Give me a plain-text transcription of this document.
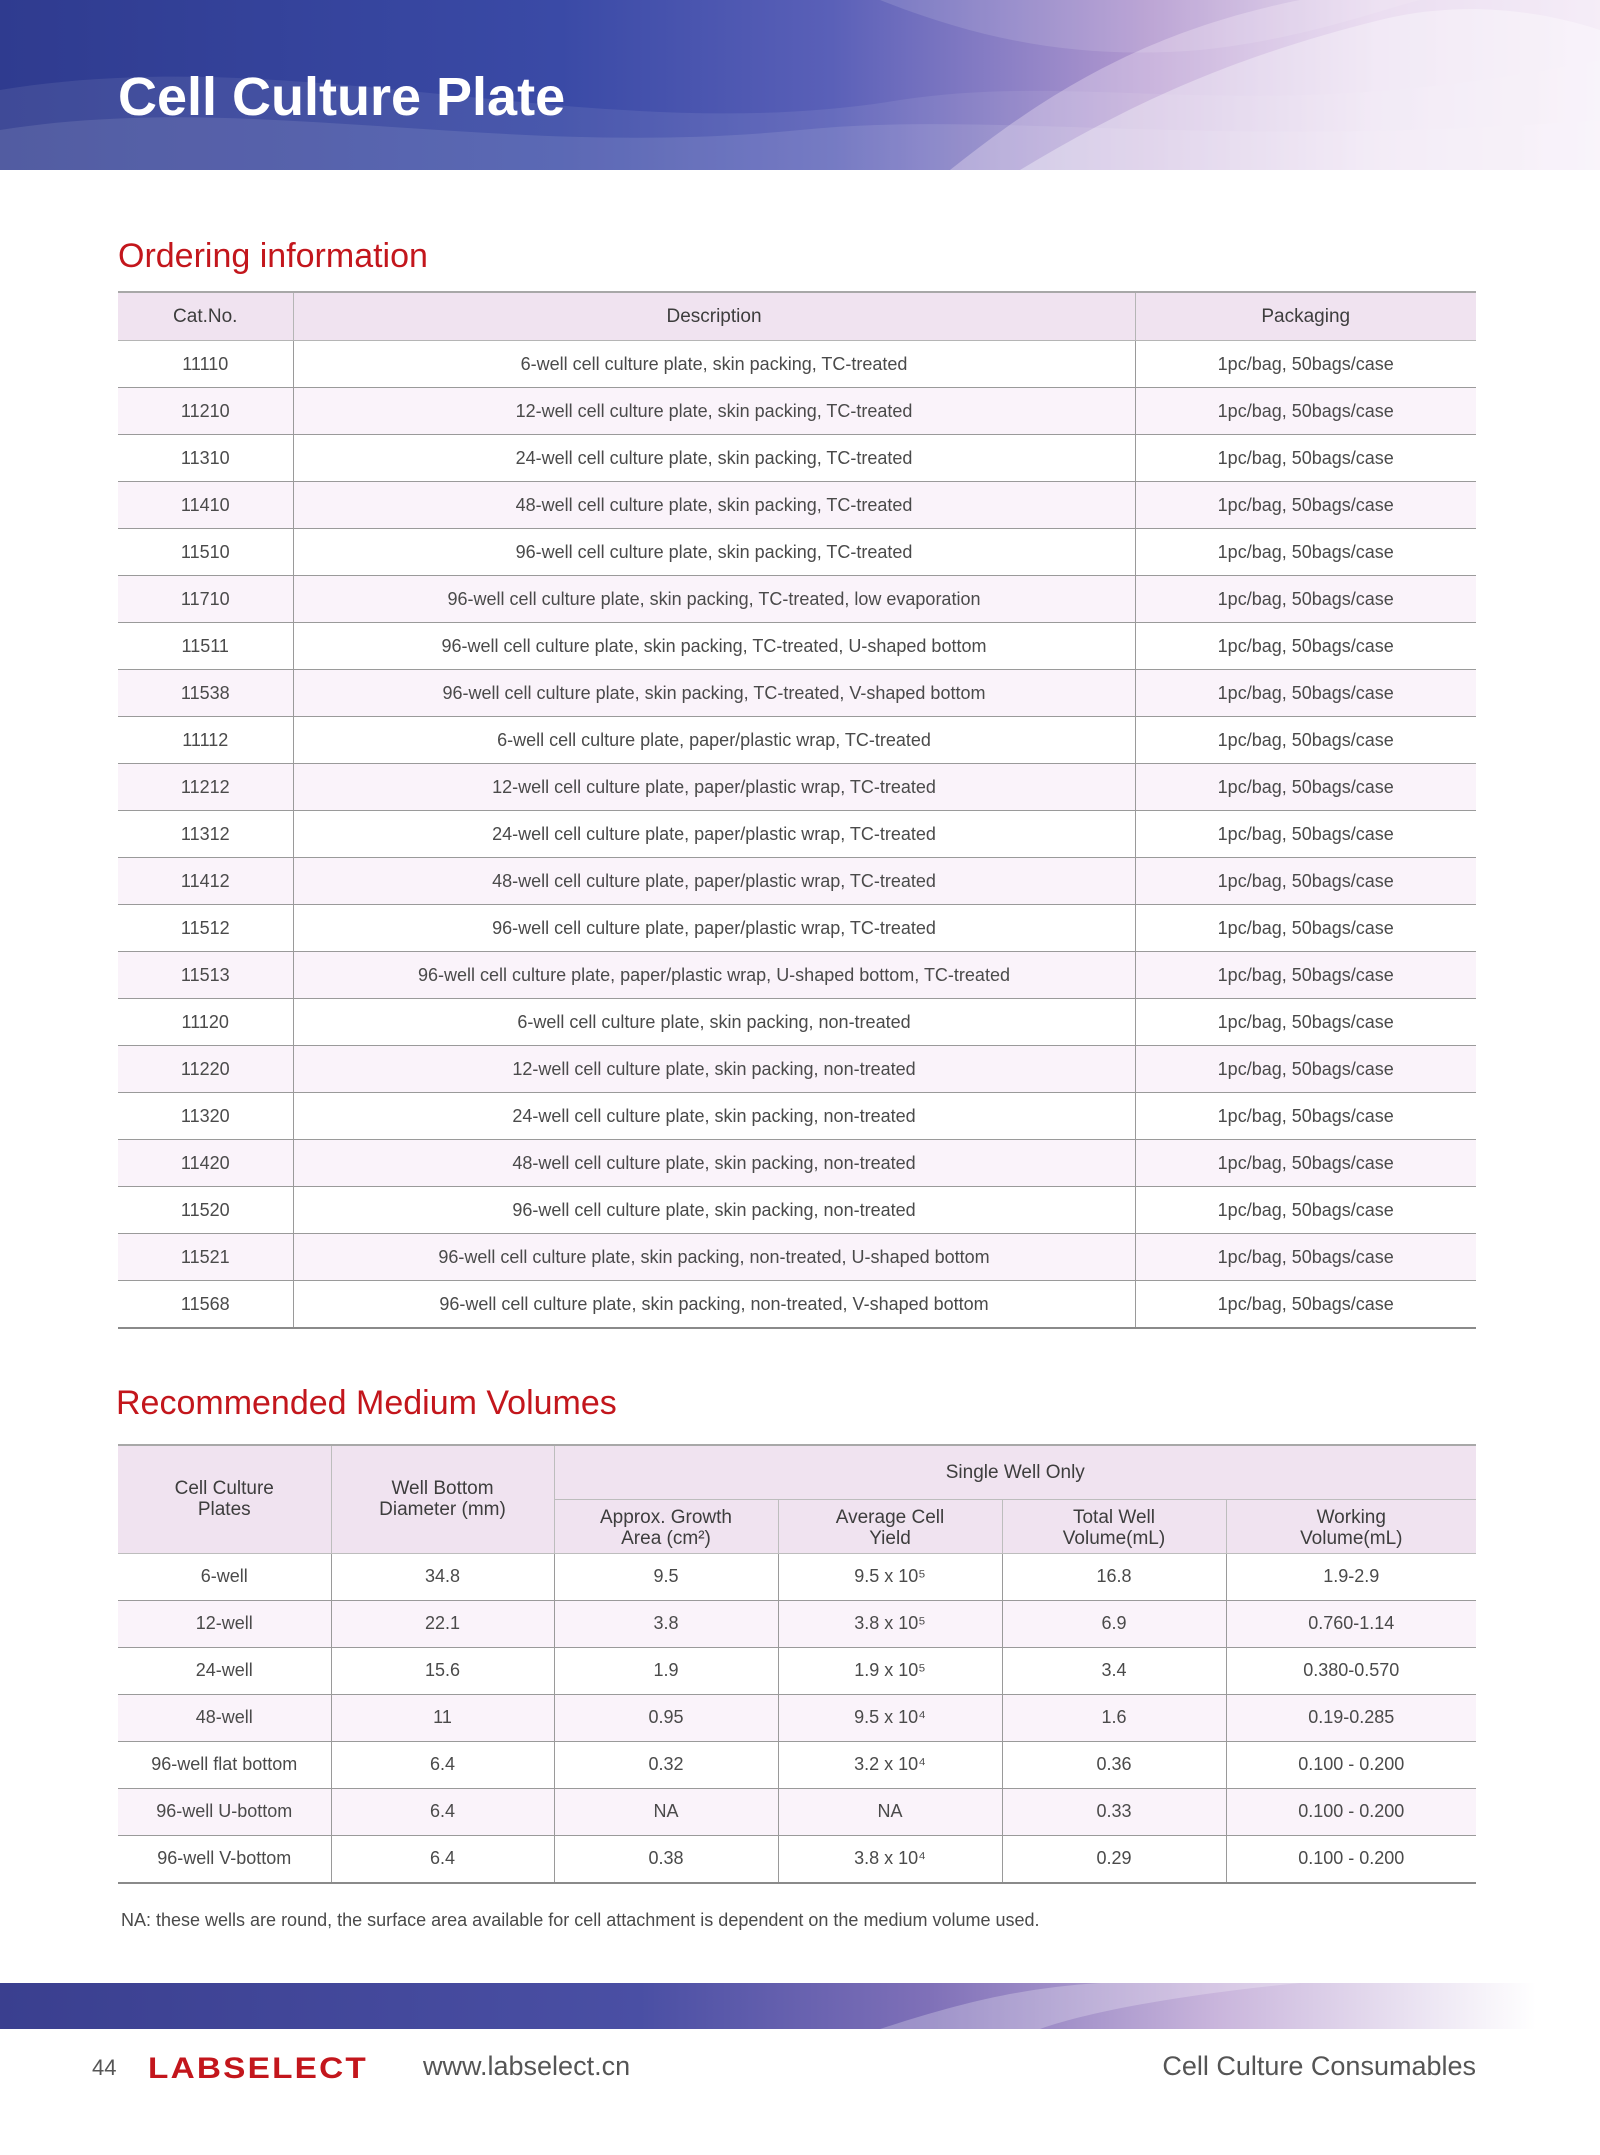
Cell Culture Plate
Ordering information
Cat.No.	Description	Packaging
11110	6-well cell culture plate, skin packing, TC-treated	1pc/bag, 50bags/case
11210	12-well cell culture plate, skin packing, TC-treated	1pc/bag, 50bags/case
11310	24-well cell culture plate, skin packing, TC-treated	1pc/bag, 50bags/case
11410	48-well cell culture plate, skin packing, TC-treated	1pc/bag, 50bags/case
11510	96-well cell culture plate, skin packing, TC-treated	1pc/bag, 50bags/case
11710	96-well cell culture plate, skin packing, TC-treated, low evaporation	1pc/bag, 50bags/case
11511	96-well cell culture plate, skin packing, TC-treated, U-shaped bottom	1pc/bag, 50bags/case
11538	96-well cell culture plate, skin packing, TC-treated, V-shaped bottom	1pc/bag, 50bags/case
11112	6-well cell culture plate, paper/plastic wrap, TC-treated	1pc/bag, 50bags/case
11212	12-well cell culture plate, paper/plastic wrap, TC-treated	1pc/bag, 50bags/case
11312	24-well cell culture plate, paper/plastic wrap, TC-treated	1pc/bag, 50bags/case
11412	48-well cell culture plate, paper/plastic wrap, TC-treated	1pc/bag, 50bags/case
11512	96-well cell culture plate, paper/plastic wrap, TC-treated	1pc/bag, 50bags/case
11513	96-well cell culture plate, paper/plastic wrap, U-shaped bottom, TC-treated	1pc/bag, 50bags/case
11120	6-well cell culture plate, skin packing, non-treated	1pc/bag, 50bags/case
11220	12-well cell culture plate, skin packing, non-treated	1pc/bag, 50bags/case
11320	24-well cell culture plate, skin packing, non-treated	1pc/bag, 50bags/case
11420	48-well cell culture plate, skin packing, non-treated	1pc/bag, 50bags/case
11520	96-well cell culture plate, skin packing, non-treated	1pc/bag, 50bags/case
11521	96-well cell culture plate, skin packing, non-treated, U-shaped bottom	1pc/bag, 50bags/case
11568	96-well cell culture plate, skin packing, non-treated, V-shaped bottom	1pc/bag, 50bags/case
Recommended Medium Volumes
Cell Culture Plates	Well Bottom Diameter (mm)	Single Well Only			
		Approx. Growth Area (cm²)	Average Cell Yield	Total Well Volume(mL)	Working Volume(mL)
6-well	34.8	9.5	9.5 x 10⁵	16.8	1.9-2.9
12-well	22.1	3.8	3.8 x 10⁵	6.9	0.760-1.14
24-well	15.6	1.9	1.9 x 10⁵	3.4	0.380-0.570
48-well	11	0.95	9.5 x 10⁴	1.6	0.19-0.285
96-well flat bottom	6.4	0.32	3.2 x 10⁴	0.36	0.100 - 0.200
96-well U-bottom	6.4	NA	NA	0.33	0.100 - 0.200
96-well V-bottom	6.4	0.38	3.8 x 10⁴	0.29	0.100 - 0.200

NA: these wells are round, the surface area available for cell attachment is dependent on the medium volume used.

44 LABSELECT www.labselect.cn	Cell Culture Consumables
